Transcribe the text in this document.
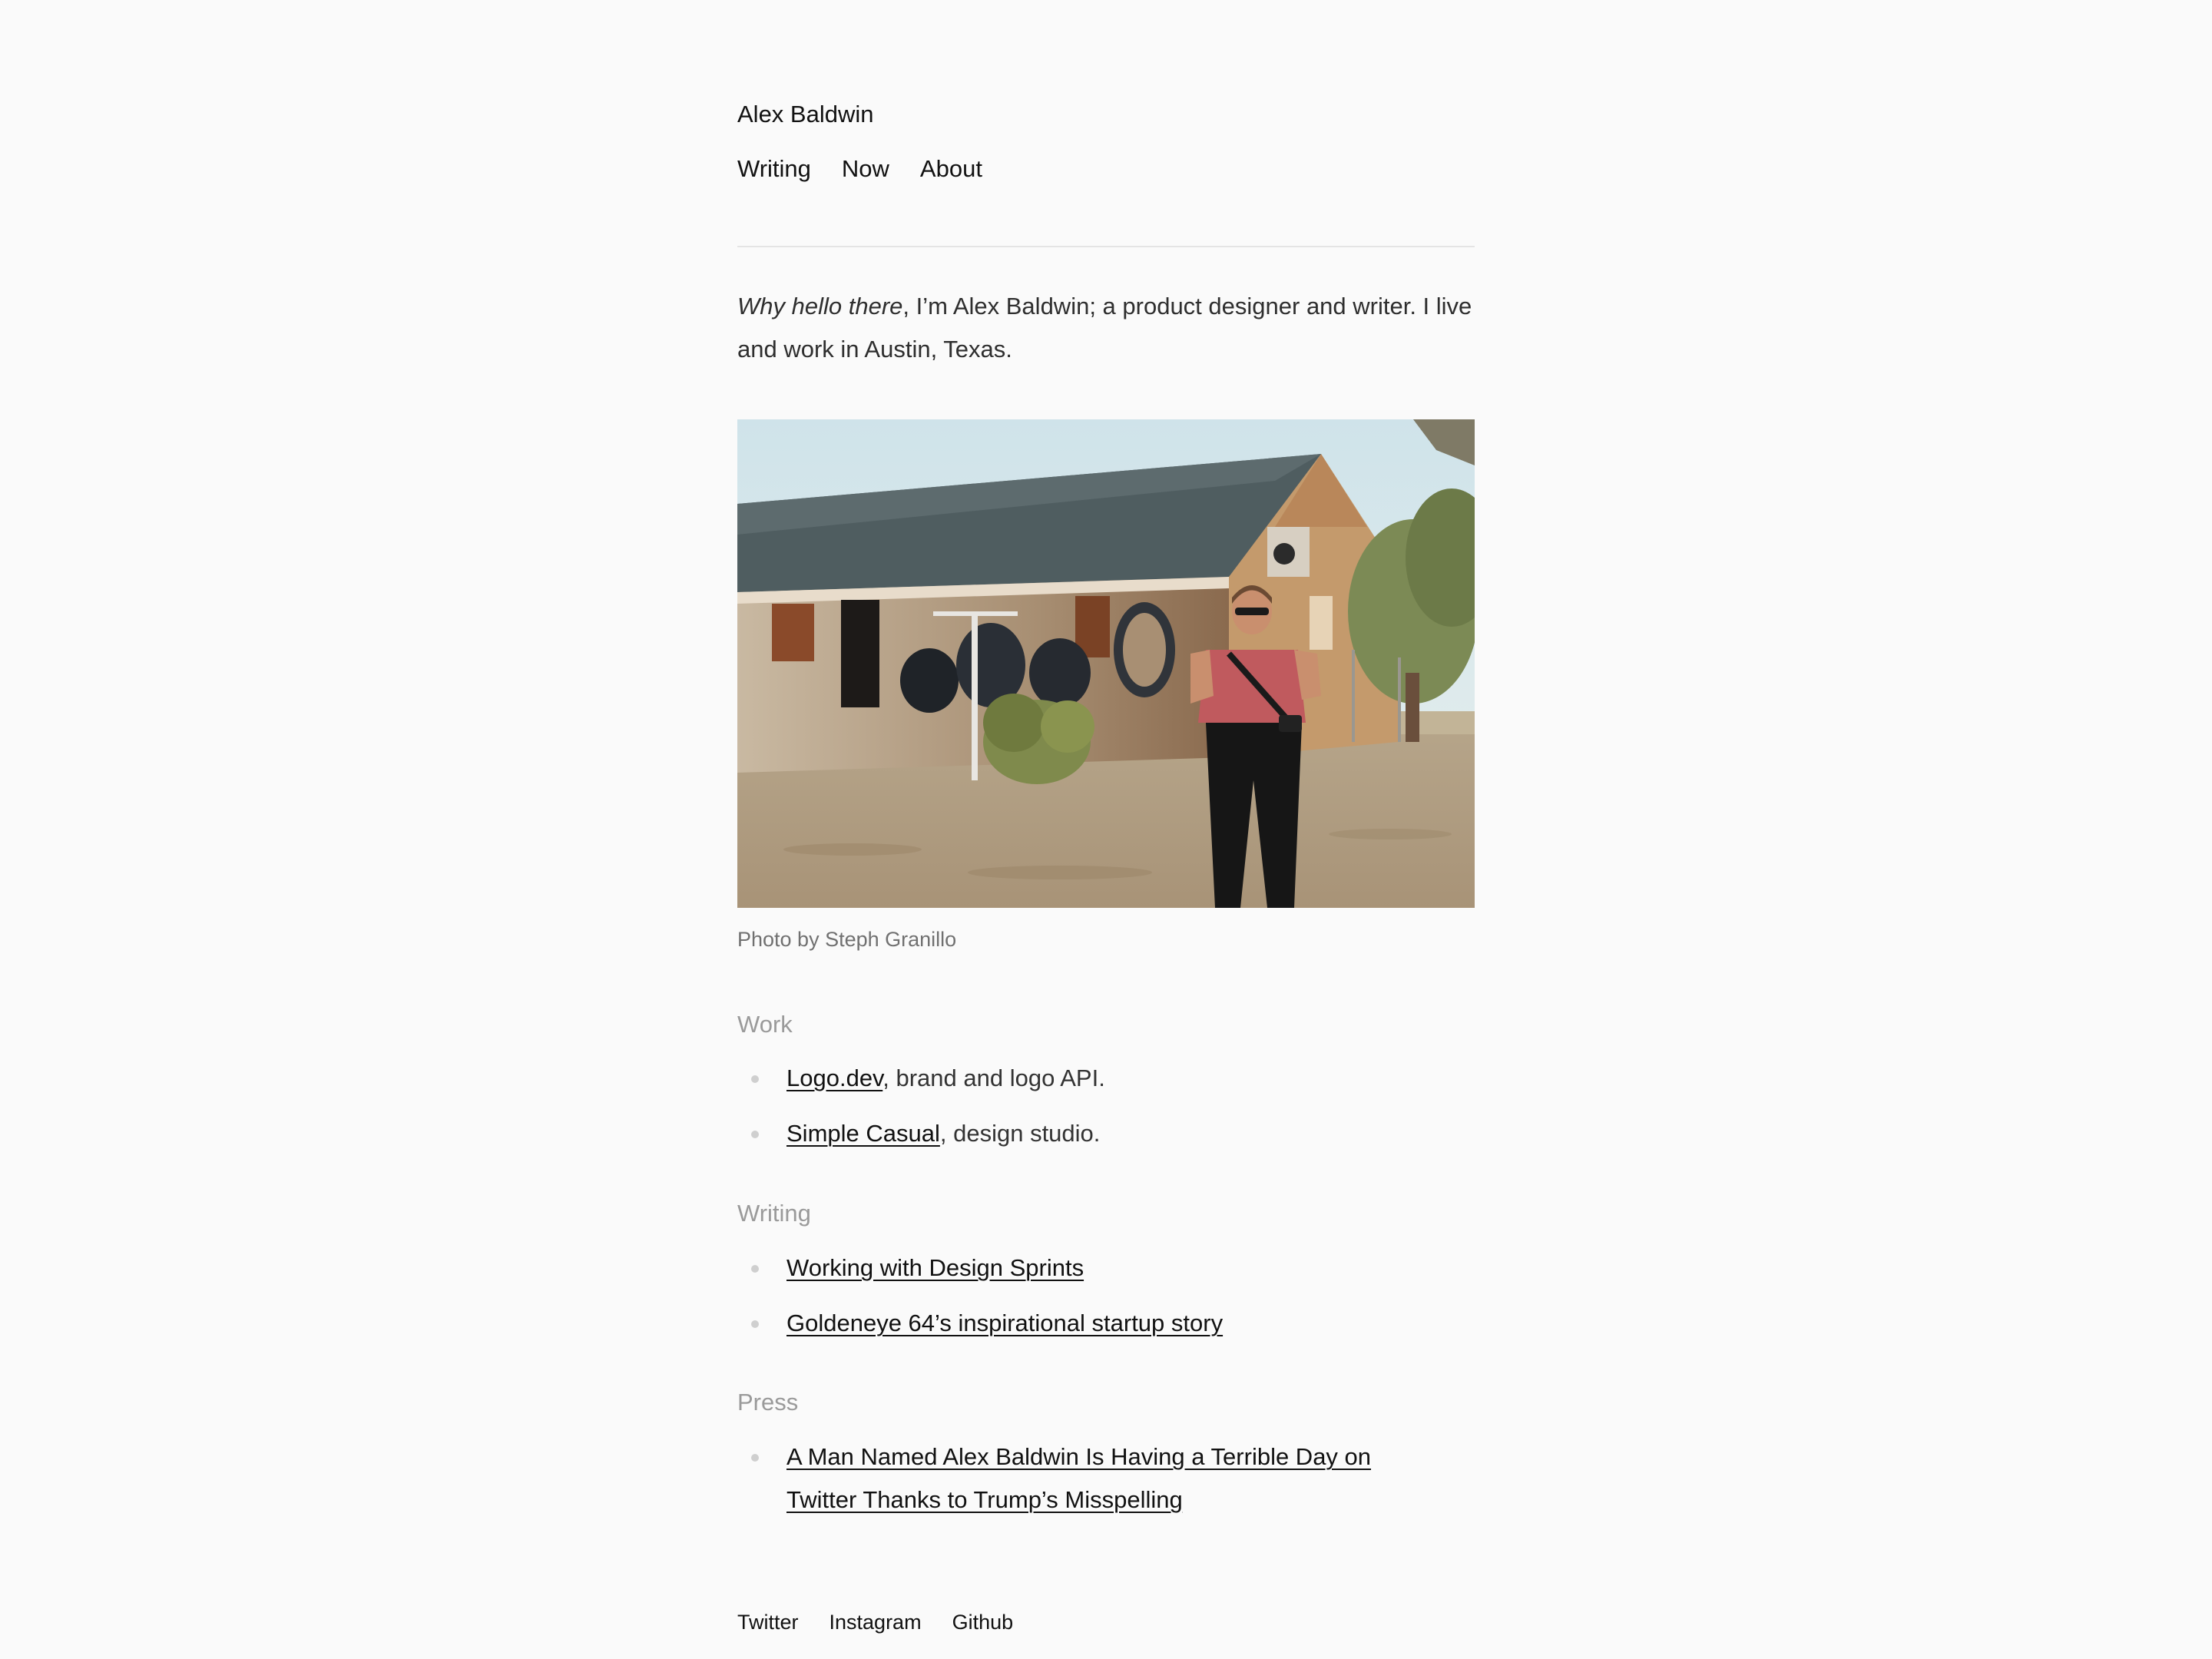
Alex Baldwin
Writing Now About

Why hello there, I’m Alex Baldwin; a product designer and writer. I live and work in Austin, Texas.

Photo by Steph Granillo
Work
Logo.dev, brand and logo API.
Simple Casual, design studio.
Writing
Working with Design Sprints
Goldeneye 64’s inspirational startup story
Press
A Man Named Alex Baldwin Is Having a Terrible Day on Twitter Thanks to Trump’s Misspelling
Twitter Instagram Github
